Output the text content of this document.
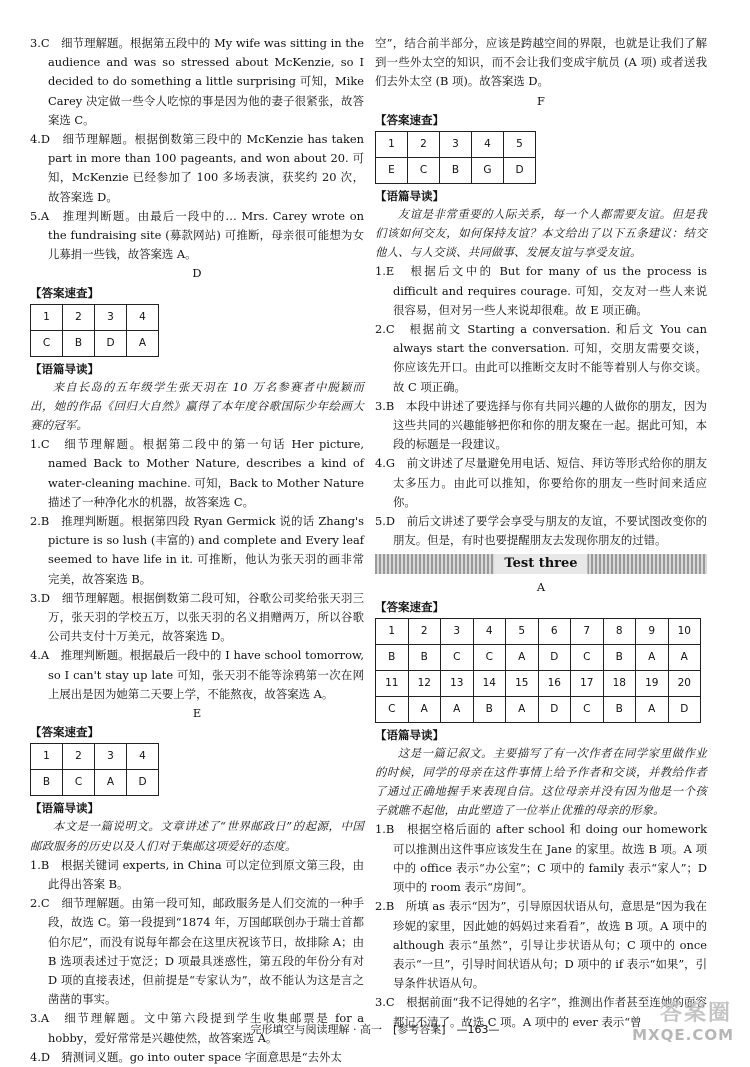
3.C　细节理解题。根据第五段中的 My wife was sitting in the audience and was so stressed about McKenzie, so I decided to do something a little surprising 可知，Mike Carey 决定做一些令人吃惊的事是因为他的妻子很紧张，故答案选 C。

4.D　细节理解题。根据倒数第三段中的 McKenzie has taken part in more than 100 pageants, and won about 20. 可知，McKenzie 已经参加了 100 多场表演，获奖约 20 次，故答案选 D。

5.A　推理判断题。由最后一段中的… Mrs. Carey wrote on the fundraising site (募款网站) 可推断，母亲很可能想为女儿募捐一些钱，故答案选 A。

D

【答案速查】

1	2	3	4
C	B	D	A

【语篇导读】

来自长岛的五年级学生张天羽在 10 万名参赛者中脱颖而出，她的作品《回归大自然》赢得了本年度谷歌国际少年绘画大赛的冠军。

1.C　细节理解题。根据第二段中的第一句话 Her picture, named Back to Mother Nature, describes a kind of water-cleaning machine. 可知，Back to Mother Nature 描述了一种净化水的机器，故答案选 C。

2.B　推理判断题。根据第四段 Ryan Germick 说的话 Zhang's picture is so lush (丰富的) and complete and Every leaf seemed to have life in it. 可推断，他认为张天羽的画非常完美，故答案选 B。

3.D　细节理解题。根据倒数第二段可知，谷歌公司奖给张天羽三万，张天羽的学校五万，以张天羽的名义捐赠两万，所以谷歌公司共支付十万美元，故答案选 D。

4.A　推理判断题。根据最后一段中的 I have school tomorrow, so I can't stay up late 可知，张天羽不能等涂鸦第一次在网上展出是因为她第二天要上学，不能熬夜，故答案选 A。

E

【答案速查】

1	2	3	4
B	C	A	D

【语篇导读】

本文是一篇说明文。文章讲述了“世界邮政日”的起源，中国邮政服务的历史以及人们对于集邮这项爱好的态度。

1.B　根据关键词 experts, in China 可以定位到原文第三段，由此得出答案 B。

2.C　细节理解题。由第一段可知，邮政服务是人们交流的一种手段，故选 C。第一段提到“1874 年，万国邮联创办于瑞士首都伯尔尼”，而没有说每年都会在这里庆祝该节日，故排除 A；由 B 选项表述过于宽泛；D 项最具迷惑性，第五段的年份分有对 D 项的直接表述，但前提是“专家认为”，故不能认为这是言之凿凿的事实。

3.A　细节理解题。文中第六段提到学生收集邮票是 for a hobby，爱好常常是兴趣使然，故答案选 A。

4.D　猜测词义题。go into outer space 字面意思是“去外太

空”，结合前半部分，应该是跨越空间的界限，也就是让我们了解到一些外太空的知识，而不会让我们变成宇航员 (A 项) 或者送我们去外太空 (B 项)。故答案选 D。

F

【答案速查】

1	2	3	4	5
E	C	B	G	D

【语篇导读】

友谊是非常重要的人际关系，每一个人都需要友谊。但是我们该如何交友，如何保持友谊？本文给出了以下五条建议：结交他人、与人交谈、共同做事、发展友谊与享受友谊。

1.E　根据后文中的 But for many of us the process is difficult and requires courage. 可知，交友对一些人来说很容易，但对另一些人来说却很难。故 E 项正确。

2.C　根据前文 Starting a conversation. 和后文 You can always start the conversation. 可知，交朋友需要交谈，你应该先开口。由此可以推断交友时不能等着别人与你交谈。故 C 项正确。

3.B　本段中讲述了要选择与你有共同兴趣的人做你的朋友，因为这些共同的兴趣能够把你和你的朋友聚在一起。据此可知，本段的标题是一段建议。

4.G　前文讲述了尽量避免用电话、短信、拜访等形式给你的朋友太多压力。由此可以推知，你要给你的朋友一些时间来适应你。

5.D　前后文讲述了要学会享受与朋友的友谊，不要试图改变你的朋友。但是，有时也要提醒朋友去发现你朋友的过错。

Test three

A

【答案速查】

1	2	3	4	5	6	7	8	9	10
B	B	C	C	A	D	C	B	A	A
11	12	13	14	15	16	17	18	19	20
C	A	A	B	A	D	C	B	A	D

【语篇导读】

这是一篇记叙文。主要描写了有一次作者在同学家里做作业的时候，同学的母亲在这件事情上给予作者和交谈，并教给作者了通过正确地握手来表现自信。这位母亲并没有因为他是一个孩子就瞧不起他，由此塑造了一位举止优雅的母亲的形象。

1.B　根据空格后面的 after school 和 doing our homework 可以推测出这件事应该发生在 Jane 的家里。故选 B 项。A 项中的 office 表示“办公室”；C 项中的 family 表示“家人”；D 项中的 room 表示“房间”。

2.B　所填 as 表示“因为”，引导原因状语从句，意思是“因为我在珍妮的家里，因此她的妈妈过来看看”，故选 B 项。A 项中的 although 表示“虽然”，引导让步状语从句；C 项中的 once 表示“一旦”，引导时间状语从句；D 项中的 if 表示“如果”，引导条件状语从句。

3.C　根据前面“我不记得她的名字”，推测出作者甚至连她的面容都记不清了。故选 C 项。A 项中的 ever 表示“曾

完形填空与阅读理解 · 高一　[参考答案]　—163—
答案圈
MXQE.COM
